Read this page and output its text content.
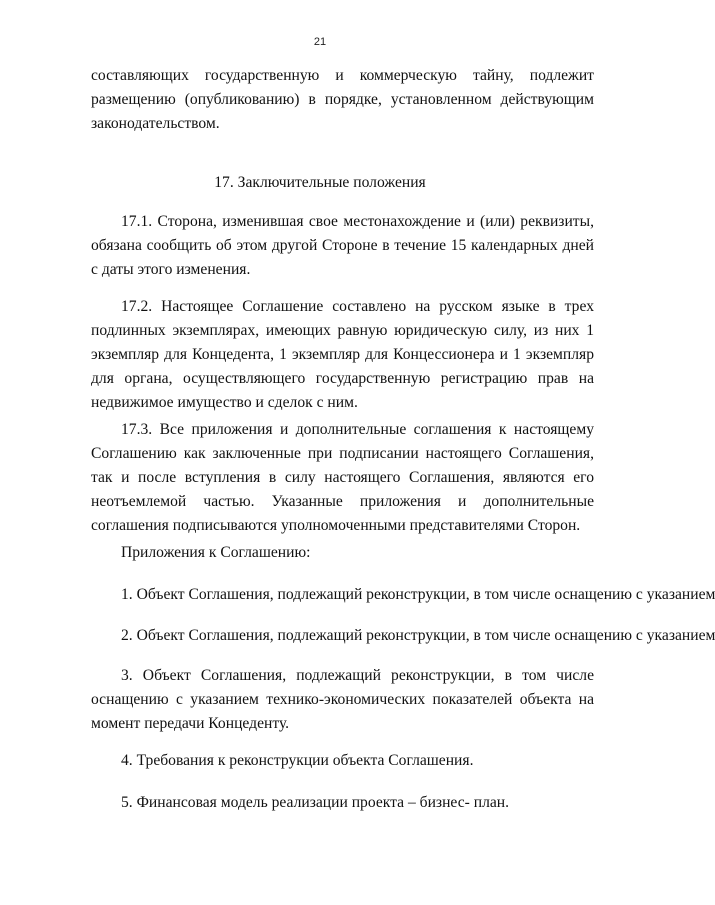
21
составляющих государственную и коммерческую тайну, подлежит размещению (опубликованию) в порядке, установленном действующим законодательством.
17. Заключительные положения
17.1. Сторона, изменившая свое местонахождение и (или) реквизиты, обязана сообщить об этом другой Стороне в течение 15 календарных дней с даты этого изменения.
17.2. Настоящее Соглашение составлено на русском языке в трех подлинных экземплярах, имеющих равную юридическую силу, из них 1 экземпляр для Концедента, 1 экземпляр для Концессионера и 1 экземпляр для органа, осуществляющего государственную регистрацию прав на недвижимое имущество и сделок с ним.
17.3. Все приложения и дополнительные соглашения к настоящему Соглашению как заключенные при подписании настоящего Соглашения, так и после вступления в силу настоящего Соглашения, являются его неотъемлемой частью. Указанные приложения и дополнительные соглашения подписываются уполномоченными представителями Сторон.
Приложения к Соглашению:
1. Объект Соглашения, подлежащий реконструкции, в том числе оснащению с указанием
2. Объект Соглашения, подлежащий реконструкции, в том числе оснащению с указанием
3. Объект Соглашения, подлежащий реконструкции, в том числе оснащению с указанием технико-экономических показателей объекта на момент передачи Концеденту.
4. Требования к реконструкции объекта Соглашения.
5. Финансовая модель реализации проекта – бизнес- план.
